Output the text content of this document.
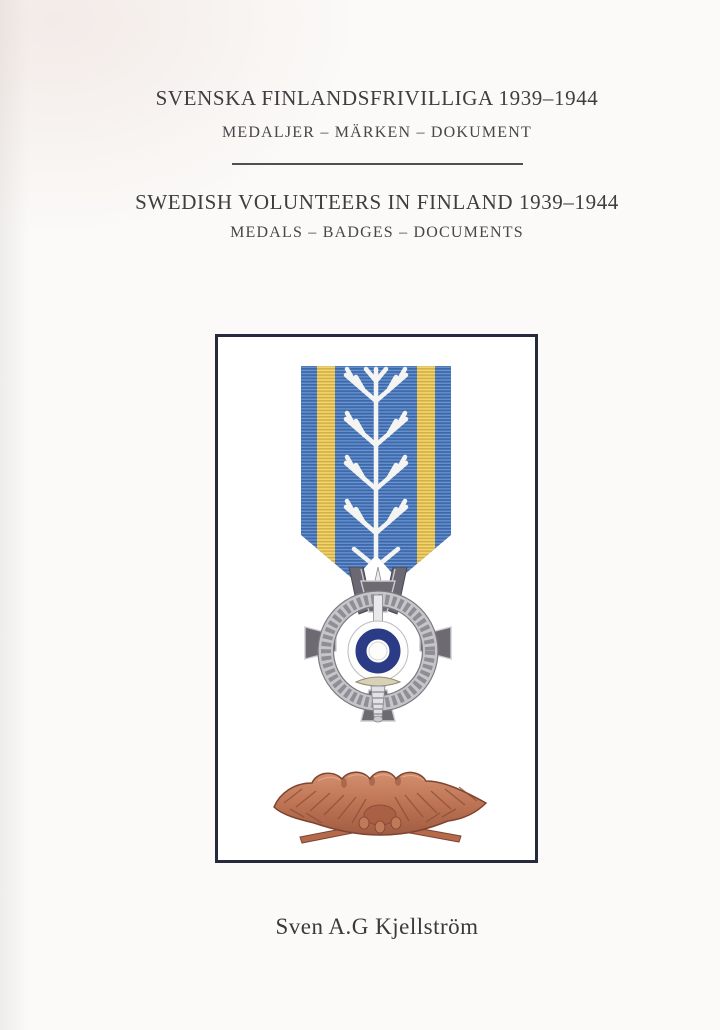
SVENSKA FINLANDSFRIVILLIGA 1939–1944
MEDALJER – MÄRKEN – DOKUMENT
SWEDISH VOLUNTEERS IN FINLAND 1939–1944
MEDALS – BADGES – DOCUMENTS
Sven A.G Kjellström
